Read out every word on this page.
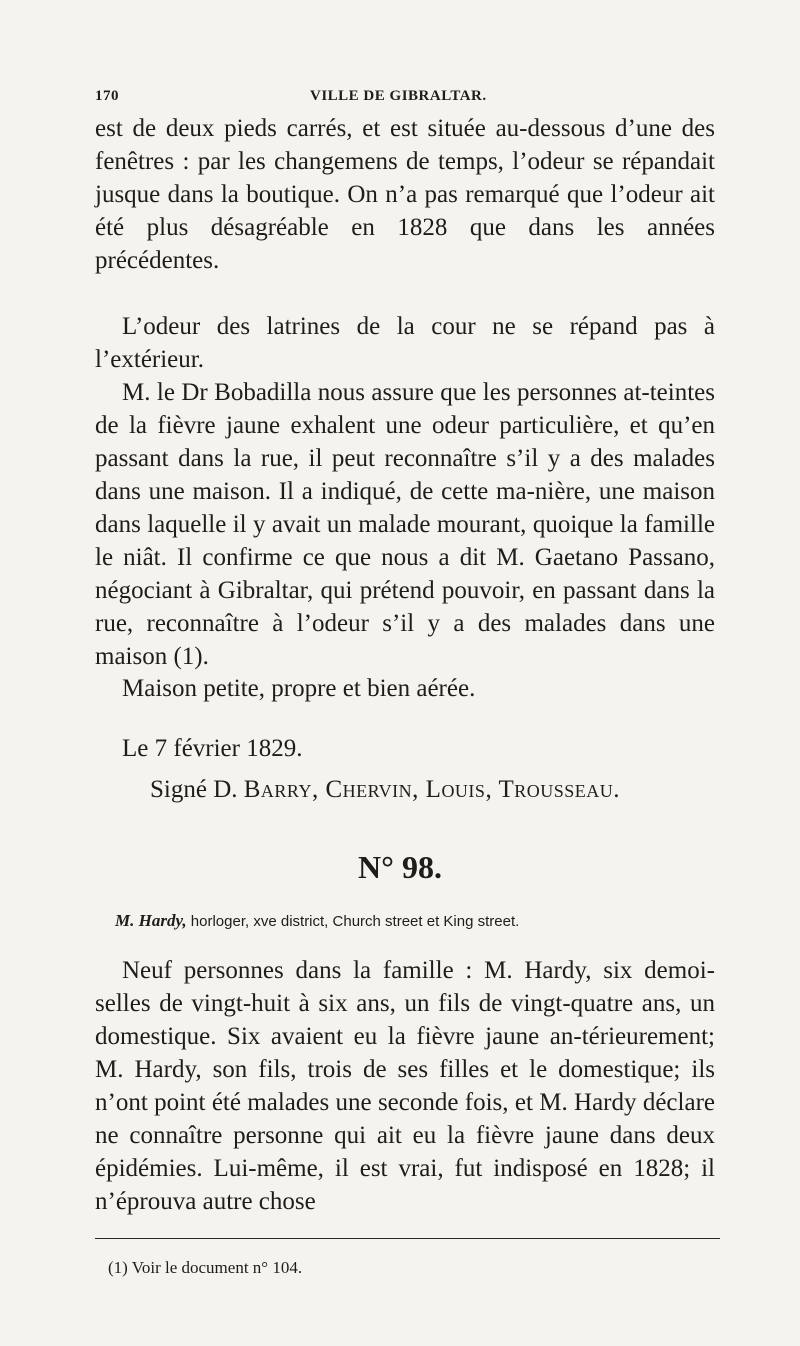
170	VILLE DE GIBRALTAR.

est de deux pieds carrés, et est située au-dessous d’une des fenêtres : par les changemens de temps, l’odeur se répandait jusque dans la boutique. On n’a pas remarqué que l’odeur ait été plus désagréable en 1828 que dans les années précédentes.

L’odeur des latrines de la cour ne se répand pas à l’extérieur.

M. le Dr Bobadilla nous assure que les personnes at-teintes de la fièvre jaune exhalent une odeur particulière, et qu’en passant dans la rue, il peut reconnaître s’il y a des malades dans une maison. Il a indiqué, de cette ma-nière, une maison dans laquelle il y avait un malade mourant, quoique la famille le niât. Il confirme ce que nous a dit M. Gaetano Passano, négociant à Gibraltar, qui prétend pouvoir, en passant dans la rue, reconnaître à l’odeur s’il y a des malades dans une maison (1).

Maison petite, propre et bien aérée.

Le 7 février 1829.
Signé D. Barry, Chervin, Louis, Trousseau.
N° 98.
M. Hardy, horloger, xve district, Church street et King street.

Neuf personnes dans la famille : M. Hardy, six demoi-selles de vingt-huit à six ans, un fils de vingt-quatre ans, un domestique. Six avaient eu la fièvre jaune an-térieurement; M. Hardy, son fils, trois de ses filles et le domestique; ils n’ont point été malades une seconde fois, et M. Hardy déclare ne connaître personne qui ait eu la fièvre jaune dans deux épidémies. Lui-même, il est vrai, fut indisposé en 1828; il n’éprouva autre chose

(1) Voir le document n° 104.
